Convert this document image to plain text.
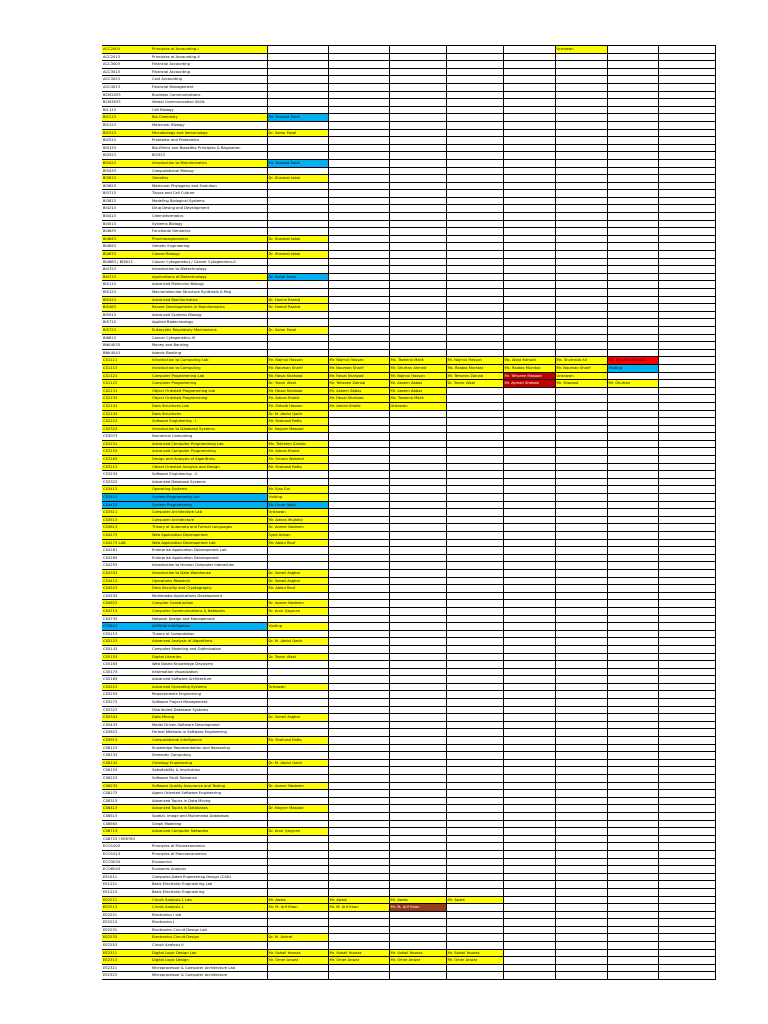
ACC2003	Principles of Accounting-I						Unknown		
ACC2013	Principles of Accounting-II								
ACC3003	Financial Accounting								
ACC3013	Financial Accounting								
ACC3023	Cost Accounting								
ACC4013	Financial Management								
BCM2033	Business Communications								
BCM3033	Verbal Communication Skills								
BI1113	Cell Biology								
BI1213	Bio Chemistry	Mr. Shujaat Zaidi							
BI2123	Molecular Biology								
BI2313	Microbiology and Immunology	Dr. Sahar Fazal							
BI2513	Proteome and Proteomics								
BI3133	Bio-Ethics and Biosafety Principles & Regulation								
BI3323	BI3323								
BI3423	Introduction to Bioinformatics	Mr. Shujaat Zaidi							
BI3433	Computational Biology								
BI3613	Genetics	Dr. Shaukat Iqbal							
BI3623	Molecular Phylogeny and Evolution								
BI3713	Tissue and Cell Culture								
BI3813	Modeling Biological Systems								
BI4213	Drug Desing and Development								
BI4413	Cheminformatics								
BI4513	Systems Biology								
BI4633	Functional Genomics								
BI4643	Pharmacogenomics	Dr. Shaukat Iqbal							
BI4653	Genetic Engineering								
BI4673	Cancer Biology	Dr. Shaukat Iqbal							
BI4683 / BI5613	Cancer Cytogenetics / Cancer Cytogenetics-II								
BI4723	Introduction to Biotechnology								
BI4733	Applications of Biotechnology	Dr. Sahar Fazal							
BI5113	Advanced Molecular Biology								
BI5123	Macromolecular Structure Synthesis & Reg								
BI5413	Advanced Bioinformatics	Dr. Hamid Rashid							
BI5463	Recent Developments in Bioinformatics	Dr. Hamid Rashid							
BI5513	Advanced Systems Biology								
BI5713	Applied Biotechnology								
BI5723	Eukaryotic Regulatory Mechanisms	Dr. Sahar Fazal							
BI6613	Cancer Cytogenetics-III								
BNK4033	Money and Banking								
BNK4043	Islamic Banking								
CS1111	Introduction to Computing Lab	Mr. Najmul Hassan	Mr. Najmul Hassan	Ms. Tazeena Malik	Mr. Najmul Hassan	Ms. Atiya Kanwal	Ms. Shumaila Ali	Mr. Tehseen Masood	
CS1113	Introduction to Computing	Mr. Nouman Sharif	Mr. Nouman Sharif	Mr. Ghufran Ahmed	Ms. Raabia Mumtaz	Ms. Raabia Mumtaz	Mr. Nouman Sharif	Visiting	
CS1121	Computer Programming Lab	Mr. Faisal Shahzad	Mr. Faisal Shahzad	Mr. Najmul Hassan	Mr. Tehseen Zainab	Mr. Tehseen Masood	Unknown		
CS1123	Computer Programming	Dr. Tanvir Afzal	Mr. Tehseen Zainab	Mr. Aseem Abbas	Dr. Tanvir Afzal	Mr. Ayman Shehab	Mr. Shaukat	Mr. Ghufran	
CS2131	Object Oriented Programming Lab	Mr. Faisal Shahzad	Mr. Aseem Abbas	Mr. Aseem Abbas					
CS2133	Object Oriented Programming	Mr. Adnan Khalid	Mr. Faisal Shahzad	Ms. Tazeena Malik					
CS2141	Data Structures Lab	Mr. Zohaib Hassan	Mr. Adnan Khalid	Unknown					
CS2143	Data Structures	Dr. M. Abdul Qadir							
CS2223	Software Engineering - I	Mr. Shahzad Rafiq							
CS2323	Introduction to Database Systems	Dr. Nayyer Masood							
CS3073	Numerical Computing								
CS3151	Advanced Computer Programming Lab	Ms. Tehreem Zainab							
CS3153	Advanced Computer Programming	Mr. Adnan Khalid							
CS3163	Design and Analysis of Algorithms	Mr. Omara Waheed							
CS3213	Object Oriented Analysis and Design	Mr. Shahzad Rafiq							
CS3233	Software Engineering - II								
CS3323	Advanced Database Systems								
CS3413	Operating Systems	Mr. Ejaz Gul							
CS3421	System Programming Lab	Visiting							
CS3423	System Programming	Mr. Omer Iqbal							
CS3511	Computer Architecture Lab	Unknown							
CS3513	Computer Architecture	Mr. Adnan Mujahid							
CS3613	Theory of Automata and Formal Languages	Dr. Aamer Nadeem							
CS4173	Web Application Development	Syed Adnan							
CS4173 LAB	Web Application Development Lab	Mr. Abdul Rauf							
CS4181	Enterprise Application Development Lab								
CS4183	Enterprise Application Development								
CS4253	Introduction to Human Computer Interaction								
CS4333	Introduction to Data Warehouse	Dr. Sohail Asghar							
CS4413	Operations Research	Dr. Sohail Asghar							
CS4523	Data Security and Cryptography	Mr. Abdul Rauf							
CS4533	Multimedia Applications Development								
CS4623	Compiler Construction	Dr. Aamer Nadeem							
CS4713	Computer Communications & Networks	Dr. Amir Qayyum							
CS4733	Network Design and Management								
CS4812	Artificial Intelligence	Visiting							
CS5113	Theory of Computation								
CS5123	Advanced Analysis of Algorithms	Dr. M. Abdul Qadir							
CS5143	Computer Modeling and Optimization								
CS5153	Digital Libraries	Dr. Tanvir Afzal							
CS5163	Web Based Knowledge Discovery								
CS5173	Information Visualization								
CS5183	Advanced Software Architecture								
CS5223	Advanced Operating Systems	Unknown							
CS5253	Requirements Engineering								
CS5273	Software Project Management								
CS5323	Distributed Database Systems								
CS5343	Data Mining	Dr. Sohail Asghar							
CS5433	Model Driven Software Development								
CS5623	Formal Methods in Software Engineering								
CS5913	Computational Intelligence	Mr. Shahzad Rafiq							
CS6123	Knowledge Representation and Reasoning								
CS6133	Semantic Computing								
CS6143	Ontology Engineering	Dr. M. Abdul Qadir							
CS6153	Satisfiability & Implication								
CS6223	Software Fault Tolerance								
CS6233	Software Quality Assurance and Testing	Dr. Aamer Nadeem							
CS6273	Agent Oriented Software Engineering								
CS6313	Advanced Topics in Data Mining								
CS6413	Advanced Topics in Databases	Dr. Nayyer Masood							
CS6513	Spatial, Image and Multimedia Databases								
CS6563	Graph Modeling								
CS6713	Advanced Computer Networks	Dr. Amir Qayyum							
CS6723 / EE6763									
ECO1003	Principles of Microeconomics								
ECO1013	Principles of Macroeconomics								
ECO3033	Economics								
ECO6043	Economic Analysis								
EE1011	Computer-Aided Engineering Design (CAD)								
EE1221	Basic Electronic Engineering Lab								
EE1223	Basic Electronic Engineering								
EE2211	Circuit Analysis-1 Lab	Mr. Awais	Mr. Awais	Mr. Awais	Mr. Awais				
EE2213	Circuit Analysis-1	Mr. M. Arif Khan	Mr. M. Arif Khan	Mr. M. Arif Khan					
EE2221	Electronics I lab								
EE2223	Electronics I								
EE2231	Electronics Circuit Design Lab								
EE2233	Electronics Circuit Design	Dr. M. Ashraf							
EE2253	Circuit Analysis II								
EE2311	Digital Logic Design Lab	Mr. Sohail Younas	Mr. Sohail Younas	Mr. Sohail Younas	Mr. Sohail Younas				
EE2313	Digital Logic Design	Mr. Omer Anwar	Mr. Omer Anwar	Mr. Omer Anwar	Mr. Omer Anwar				
EE2321	Microprocessor & Computer Architecture Lab								
EE2323	Microprocessor & Computer Architecture								
